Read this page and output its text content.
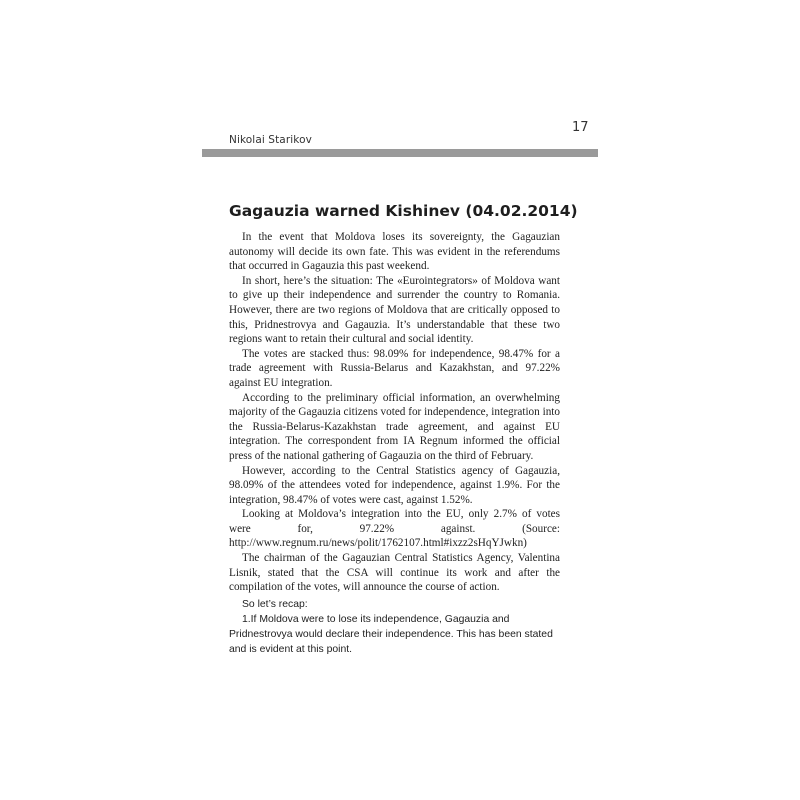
Nikolai Starikov
17
Gagauzia warned Kishinev (04.02.2014)

In the event that Moldova loses its sovereignty, the Gagauzian autonomy will decide its own fate. This was evident in the referendums that occurred in Gagauzia this past weekend.

In short, here’s the situation: The «Eurointegrators» of Moldova want to give up their independence and surrender the country to Romania. However, there are two regions of Moldova that are critically opposed to this, Pridnestrovya and Gagauzia. It’s understandable that these two regions want to retain their cultural and social identity.

The votes are stacked thus: 98.09% for independence, 98.47% for a trade agreement with Russia-Belarus and Kazakhstan, and 97.22% against EU integration.

According to the preliminary official information, an overwhelming majority of the Gagauzia citizens voted for independence, integration into the Russia-Belarus-Kazakhstan trade agreement, and against EU integration. The correspondent from IA Regnum informed the official press of the national gathering of Gagauzia on the third of February.

However, according to the Central Statistics agency of Gagauzia, 98.09% of the attendees voted for independence, against 1.9%. For the integration, 98.47% of votes were cast, against 1.52%.

Looking at Moldova’s integration into the EU, only 2.7% of votes were for, 97.22% against. (Source: http://www.regnum.ru/news/polit/1762107.html#ixzz2sHqYJwkn)

The chairman of the Gagauzian Central Statistics Agency, Valentina Lisnik, stated that the CSA will continue its work and after the compilation of the votes, will announce the course of action.

So let’s recap:

1.If Moldova were to lose its independence, Gagauzia and Pridnestrovya would declare their independence. This has been stated and is evident at this point.
